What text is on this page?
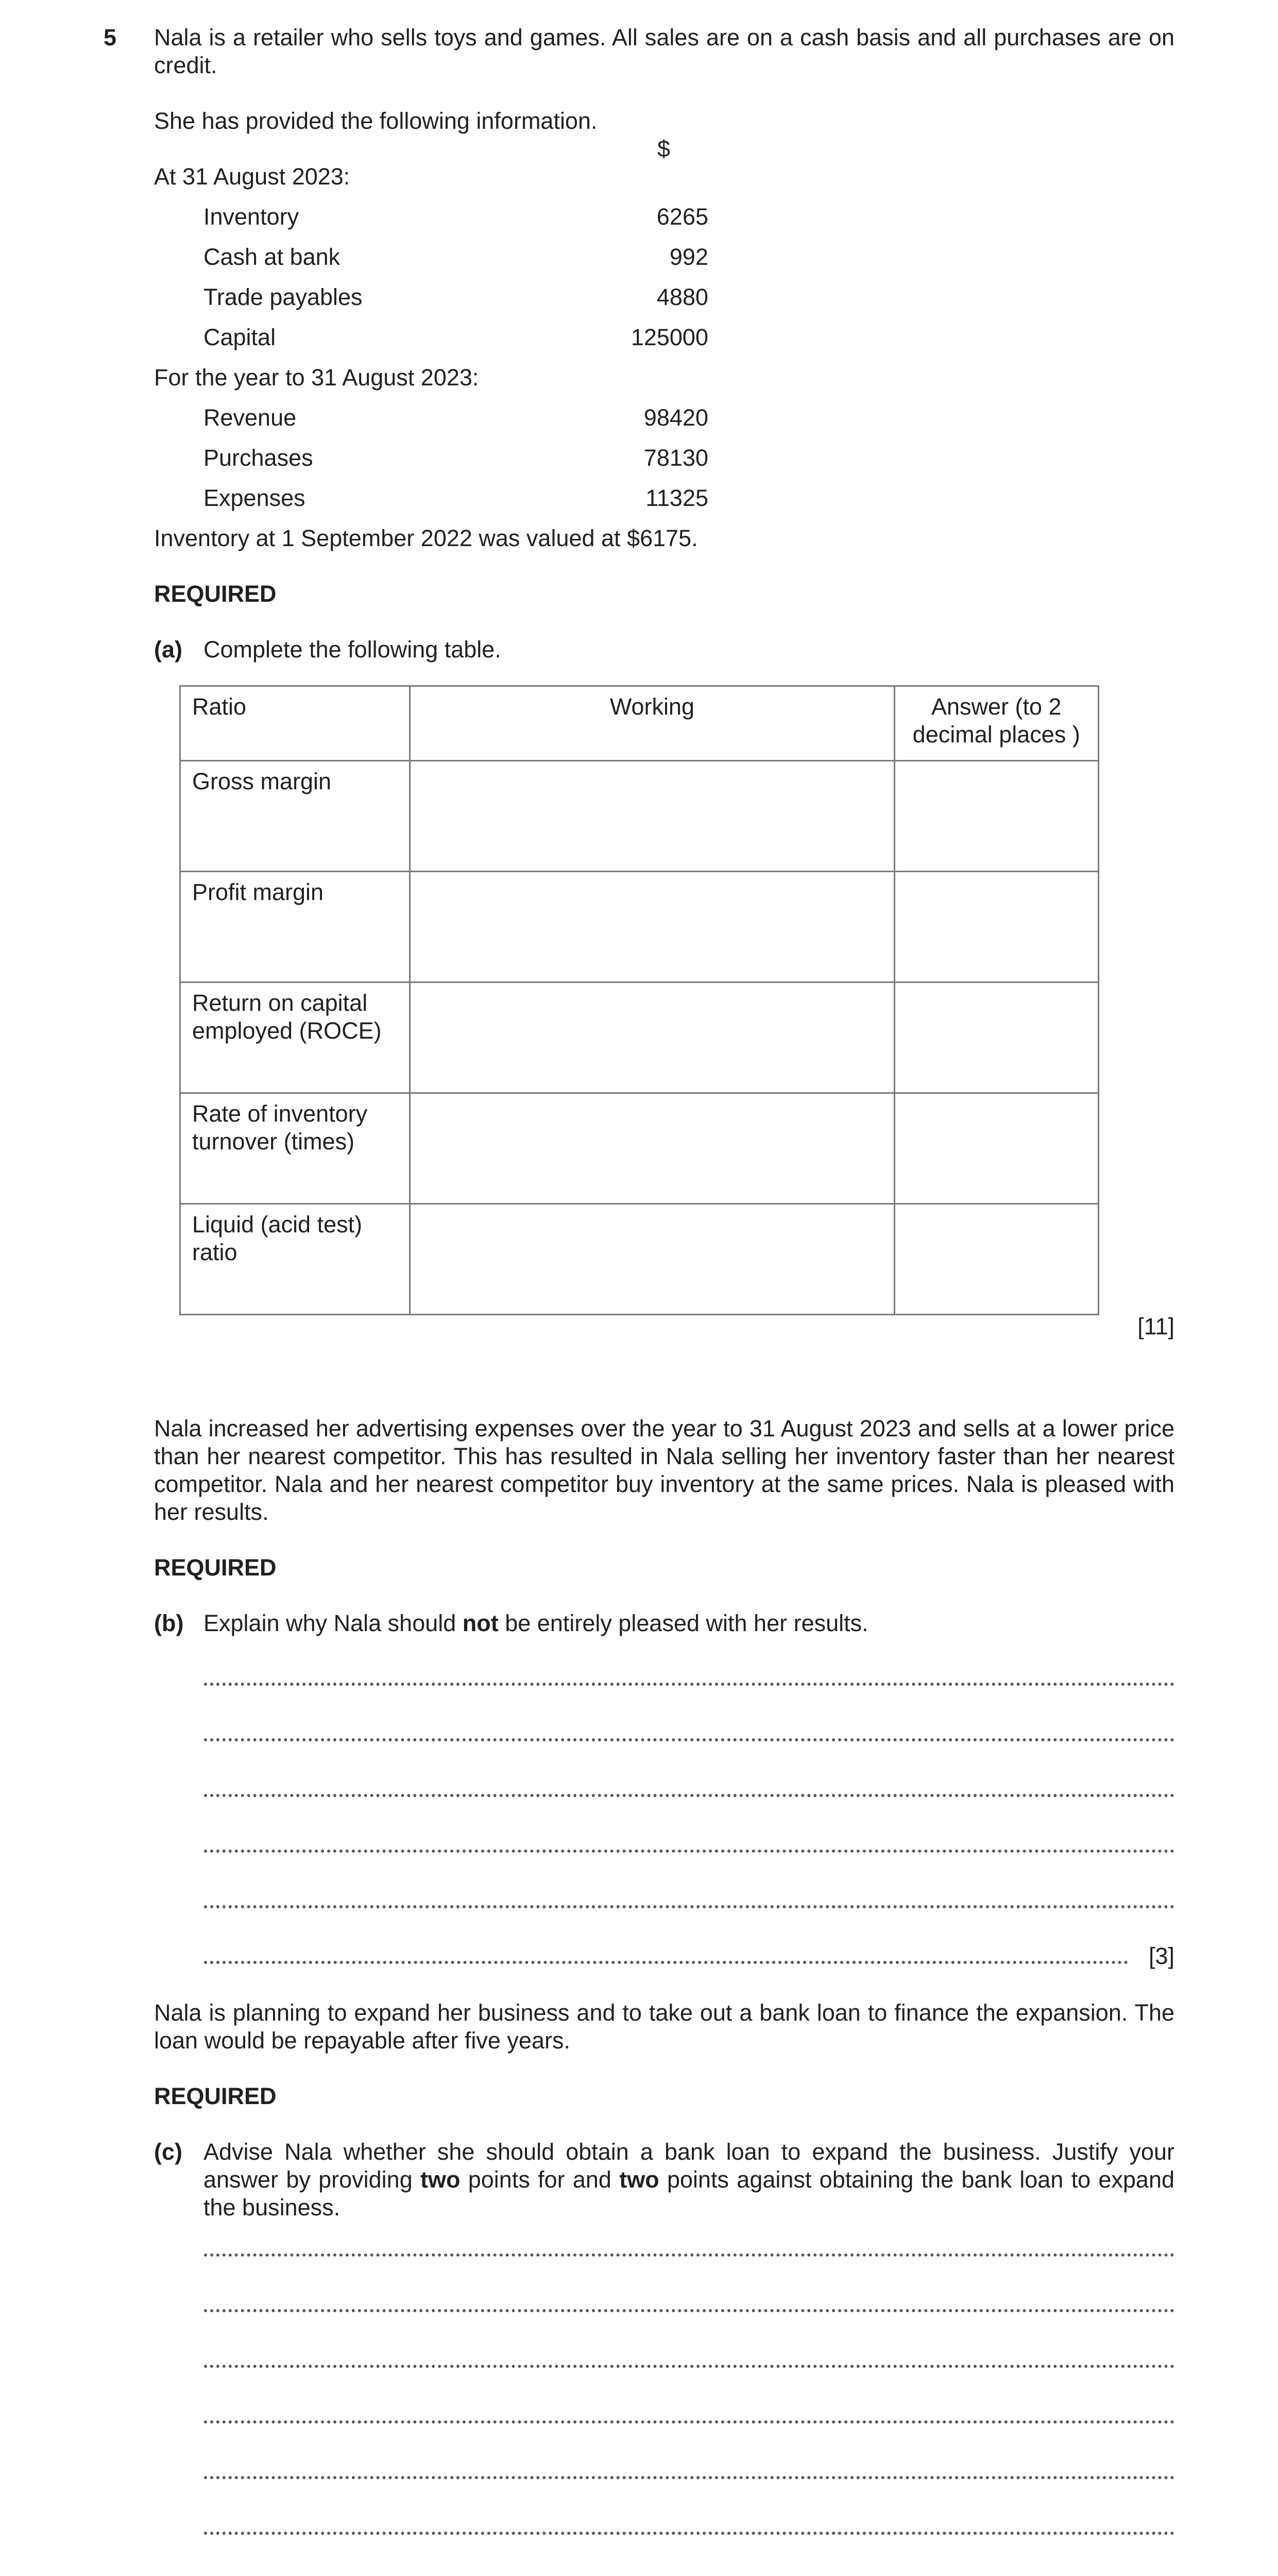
5 Nala is a retailer who sells toys and games. All sales are on a cash basis and all purchases are on credit.
She has provided the following information.
$
At 31 August 2023:
Inventory	6265
Cash at bank	992
Trade payables	4880
Capital	125000
For the year to 31 August 2023:
Revenue	98420
Purchases	78130
Expenses	11325
Inventory at 1 September 2022 was valued at $6175.
REQUIRED
(a) Complete the following table.
Ratio	Working	Answer (to 2 decimal places )
Gross margin		
Profit margin		
Return on capital employed (ROCE)		
Rate of inventory turnover (times)		
Liquid (acid test) ratio		
[11]
Nala increased her advertising expenses over the year to 31 August 2023 and sells at a lower price than her nearest competitor. This has resulted in Nala selling her inventory faster than her nearest competitor. Nala and her nearest competitor buy inventory at the same prices. Nala is pleased with her results.
REQUIRED
(b) Explain why Nala should not be entirely pleased with her results.
[3]
Nala is planning to expand her business and to take out a bank loan to finance the expansion. The loan would be repayable after five years.
REQUIRED
(c) Advise Nala whether she should obtain a bank loan to expand the business. Justify your answer by providing two points for and two points against obtaining the bank loan to expand the business.
